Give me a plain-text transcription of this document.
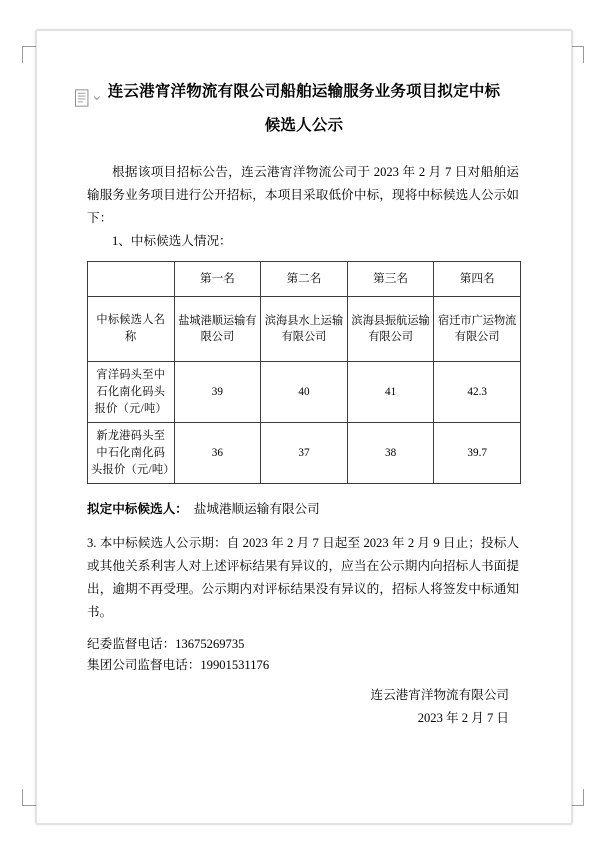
连云港宵洋物流有限公司船舶运输服务业务项目拟定中标
候选人公示

根据该项目招标公告，连云港宵洋物流公司于 2023 年 2 月 7 日对船舶运输服务业务项目进行公开招标，本项目采取低价中标，现将中标候选人公示如下：

1、中标候选人情况：

	第一名	第二名	第三名	第四名
中标候选人名称	盐城港顺运输有限公司	滨海县水上运输有限公司	滨海县振航运输有限公司	宿迁市广运物流有限公司
宵洋码头至中石化南化码头报价（元/吨）	39	40	41	42.3
新龙港码头至中石化南化码头报价（元/吨）	36	37	38	39.7
拟定中标候选人： 盐城港顺运输有限公司
3. 本中标候选人公示期：自 2023 年 2 月 7 日起至 2023 年 2 月 9 日止；投标人或其他关系利害人对上述评标结果有异议的，应当在公示期内向招标人书面提出，逾期不再受理。公示期内对评标结果没有异议的，招标人将签发中标通知书。
纪委监督电话：13675269735
集团公司监督电话：19901531176
连云港宵洋物流有限公司
2023 年 2 月 7 日
